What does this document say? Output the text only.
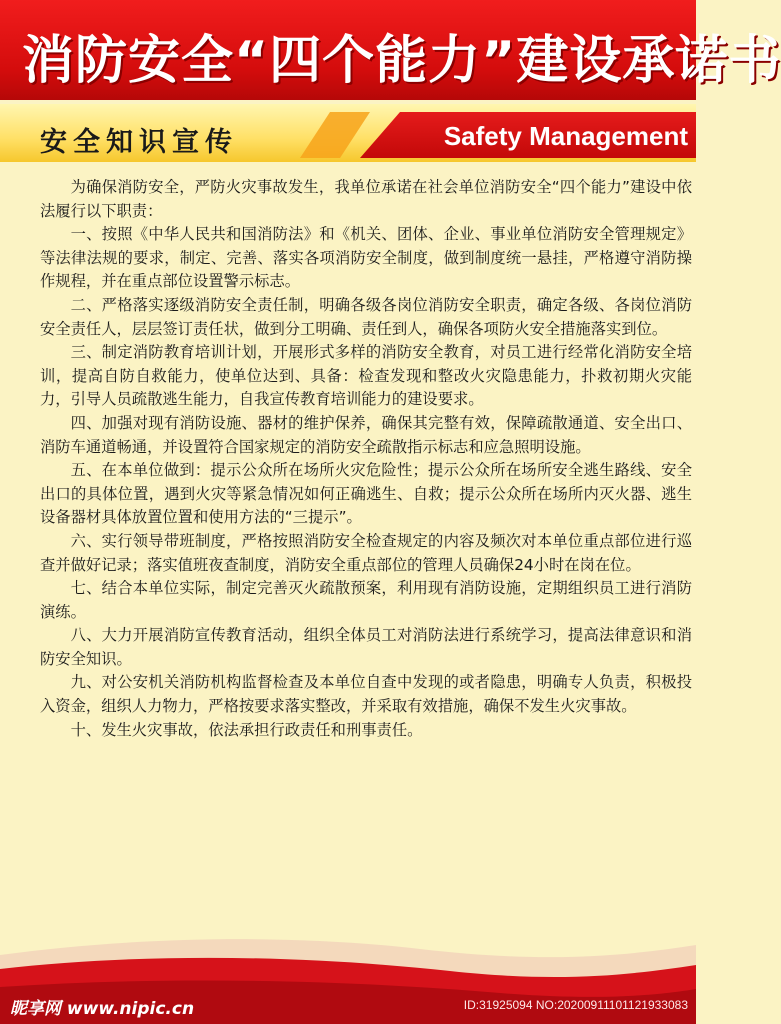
消防安全“四个能力”建设承诺书
安全知识宣传	Safety Management

为确保消防安全，严防火灾事故发生，我单位承诺在社会单位消防安全“四个能力”建设中依法履行以下职责：

一、按照《中华人民共和国消防法》和《机关、团体、企业、事业单位消防安全管理规定》等法律法规的要求，制定、完善、落实各项消防安全制度，做到制度统一悬挂，严格遵守消防操作规程，并在重点部位设置警示标志。

二、严格落实逐级消防安全责任制，明确各级各岗位消防安全职责，确定各级、各岗位消防安全责任人，层层签订责任状，做到分工明确、责任到人，确保各项防火安全措施落实到位。

三、制定消防教育培训计划，开展形式多样的消防安全教育，对员工进行经常化消防安全培训，提高自防自救能力，使单位达到、具备：检查发现和整改火灾隐患能力，扑救初期火灾能力，引导人员疏散逃生能力，自我宣传教育培训能力的建设要求。

四、加强对现有消防设施、器材的维护保养，确保其完整有效，保障疏散通道、安全出口、消防车通道畅通，并设置符合国家规定的消防安全疏散指示标志和应急照明设施。

五、在本单位做到：提示公众所在场所火灾危险性；提示公众所在场所安全逃生路线、安全出口的具体位置，遇到火灾等紧急情况如何正确逃生、自救；提示公众所在场所内灭火器、逃生设备器材具体放置位置和使用方法的“三提示”。

六、实行领导带班制度，严格按照消防安全检查规定的内容及频次对本单位重点部位进行巡查并做好记录；落实值班夜查制度，消防安全重点部位的管理人员确保24小时在岗在位。

七、结合本单位实际，制定完善灭火疏散预案，利用现有消防设施，定期组织员工进行消防演练。

八、大力开展消防宣传教育活动，组织全体员工对消防法进行系统学习，提高法律意识和消防安全知识。

九、对公安机关消防机构监督检查及本单位自查中发现的或者隐患，明确专人负责，积极投入资金，组织人力物力，严格按要求落实整改，并采取有效措施，确保不发生火灾事故。

十、发生火灾事故，依法承担行政责任和刑事责任。

昵享网 www.nipic.cn	ID:31925094 NO:20200911101121933083
